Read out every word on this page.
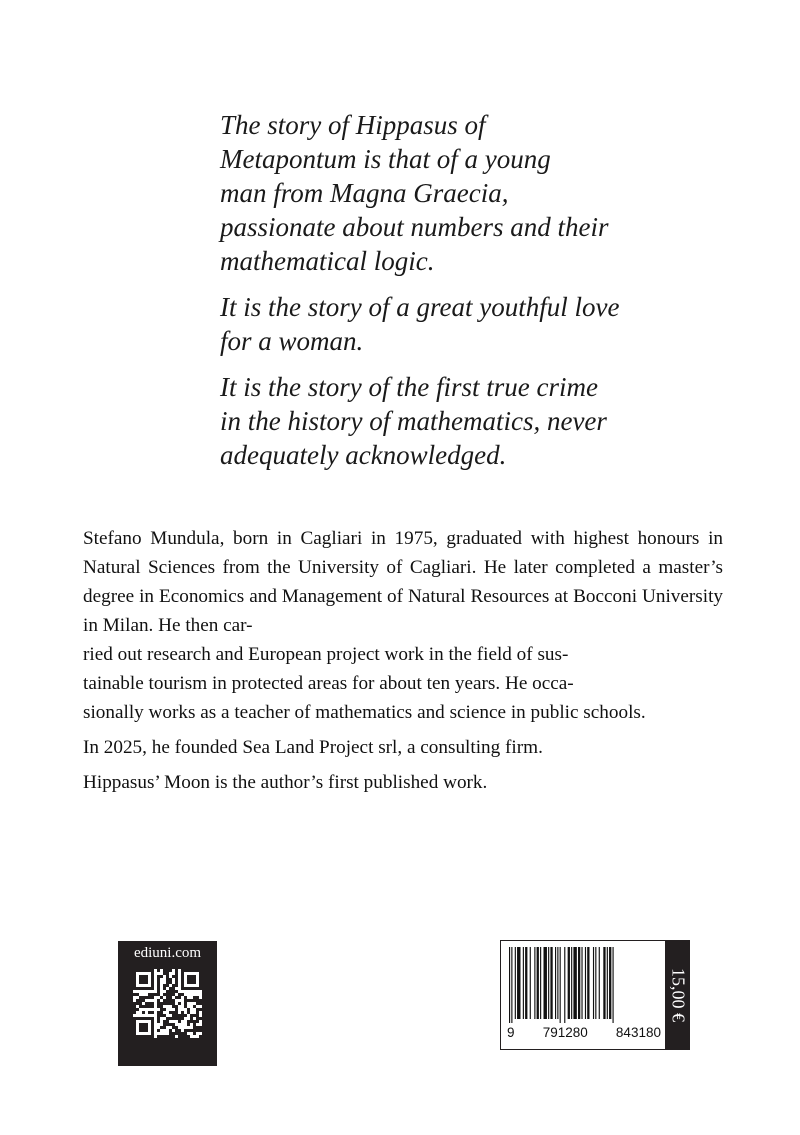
The story of Hippasus of
Metapontum is that of a young
man from Magna Graecia,
passionate about numbers and their
mathematical logic.

It is the story of a great youthful love
for a woman.

It is the story of the first true crime
in the history of mathematics, never
adequately acknowledged.

Stefano Mundula, born in Cagliari in 1975, graduated with highest honours in Natural Sciences from the University of Cagliari. He later completed a master’s degree in Economics and Management of Natural Resources at Bocconi University in Milan. He then car-
ried out research and European project work in the field of sus-
tainable tourism in protected areas for about ten years. He occa-
sionally works as a teacher of mathematics and science in public schools.

In 2025, he founded Sea Land Project srl, a consulting firm.

Hippasus’ Moon is the author’s first published work.

ediuni.com
9 791280 843180
15,00 €
